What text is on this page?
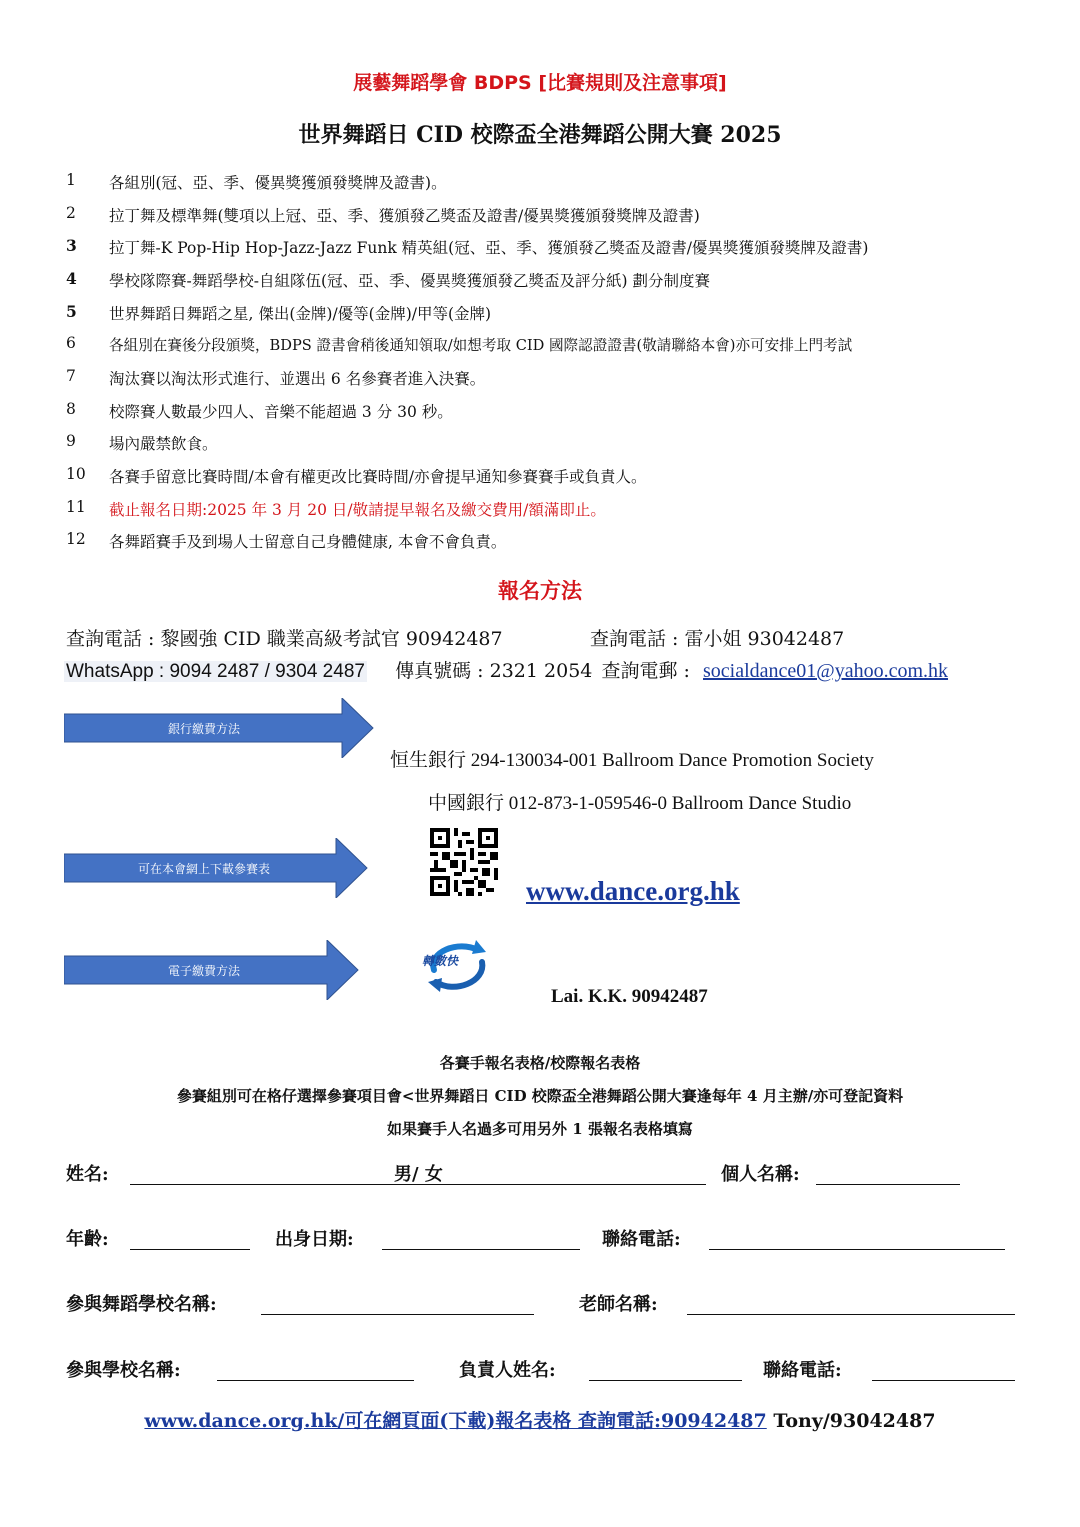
展藝舞蹈學會 BDPS [比賽規則及注意事項]
世界舞蹈日 CID 校際盃全港舞蹈公開大賽 2025
1	各組別(冠、亞、季、優異獎獲頒發獎牌及證書)。
2	拉丁舞及標準舞(雙項以上冠、亞、季、獲頒發乙獎盃及證書/優異獎獲頒發獎牌及證書)
3	拉丁舞-K Pop-Hip Hop-Jazz-Jazz Funk 精英組(冠、亞、季、獲頒發乙獎盃及證書/優異獎獲頒發獎牌及證書)
4	學校隊際賽-舞蹈學校-自組隊伍(冠、亞、季、優異獎獲頒發乙獎盃及評分紙) 劃分制度賽
5	世界舞蹈日舞蹈之星, 傑出(金牌)/優等(金牌)/甲等(金牌)
6	各組別在賽後分段頒獎，BDPS 證書會稍後通知領取/如想考取 CID 國際認證證書(敬請聯絡本會)亦可安排上門考試
7	淘汰賽以淘汰形式進行、並選出 6 名參賽者進入決賽。
8	校際賽人數最少四人、音樂不能超過 3 分 30 秒。
9	場內嚴禁飲食。
10	各賽手留意比賽時間/本會有權更改比賽時間/亦會提早通知參賽賽手或負責人。
11	截止報名日期:2025 年 3 月 20 日/敬請提早報名及繳交費用/額滿即止。
12	各舞蹈賽手及到場人士留意自己身體健康, 本會不會負責。
報名方法
查詢電話 : 黎國強 CID 職業高級考試官 90942487	查詢電話 : 雷小姐 93042487
WhatsApp : 9094 2487 / 9304 2487 傳真號碼 : 2321 2054 查詢電郵 : socialdance01@yahoo.com.hk
銀行繳費方法
可在本會網上下載參賽表
電子繳費方法
恒生銀行 294-130034-001 Ballroom Dance Promotion Society
中國銀行 012-873-1-059546-0 Ballroom Dance Studio
www.dance.org.hk
轉數快
Lai. K.K. 90942487
各賽手報名表格/校際報名表格
參賽組別可在格仔選擇參賽項目會<世界舞蹈日 CID 校際盃全港舞蹈公開大賽逢每年 4 月主辦/亦可登記資料
如果賽手人名過多可用另外 1 張報名表格填寫
姓名:	男/ 女	個人名稱:
年齡:	出身日期:	聯絡電話:
參與舞蹈學校名稱:	老師名稱:
參與學校名稱:	負責人姓名:	聯絡電話:
www.dance.org.hk/可在網頁面(下載)報名表格 查詢電話:90942487 Tony/93042487
